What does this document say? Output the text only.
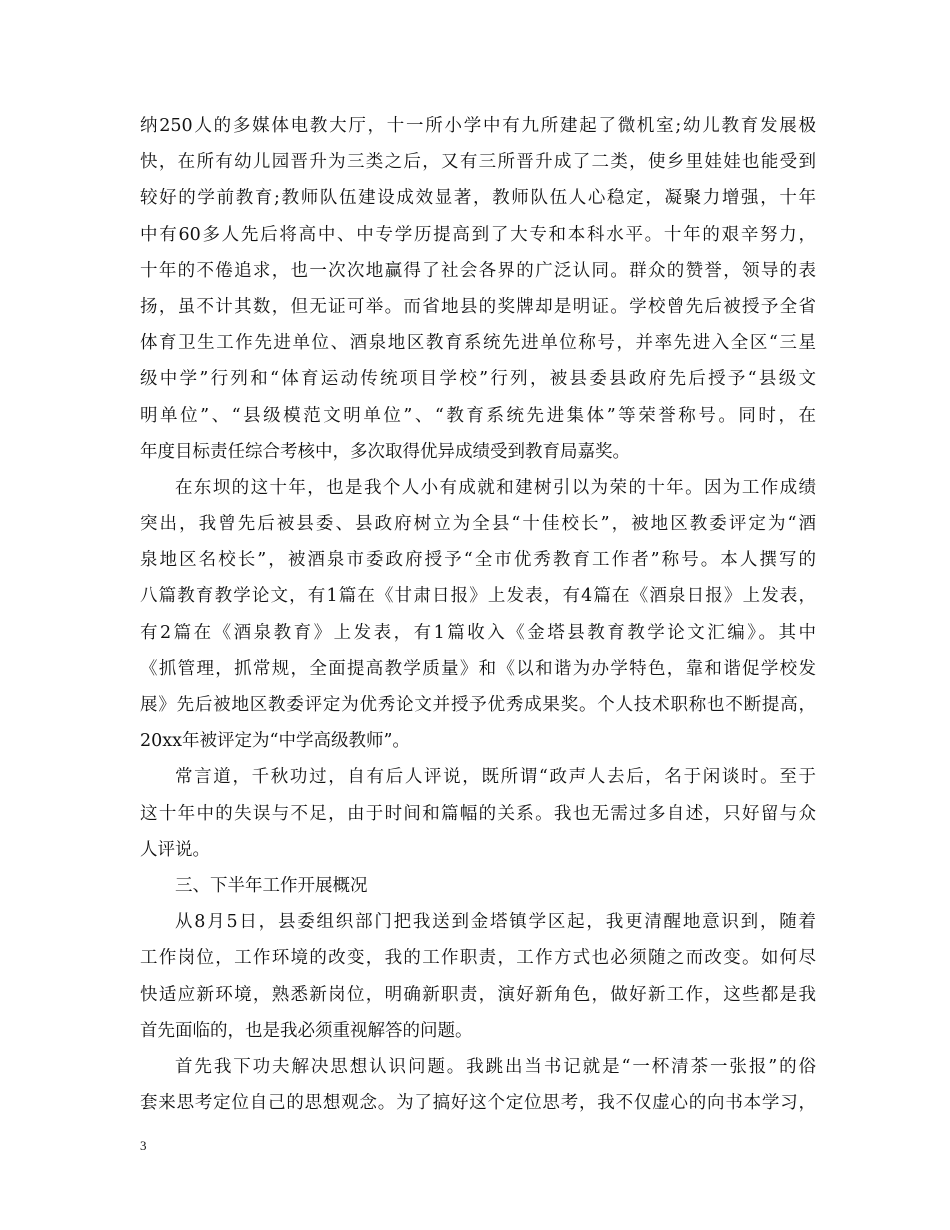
纳250人的多媒体电教大厅，十一所小学中有九所建起了微机室;幼儿教育发展极
快，在所有幼儿园晋升为三类之后，又有三所晋升成了二类，使乡里娃娃也能受到
较好的学前教育;教师队伍建设成效显著，教师队伍人心稳定，凝聚力增强，十年
中有60多人先后将高中、中专学历提高到了大专和本科水平。十年的艰辛努力，
十年的不倦追求，也一次次地赢得了社会各界的广泛认同。群众的赞誉，领导的表
扬，虽不计其数，但无证可举。而省地县的奖牌却是明证。学校曾先后被授予全省
体育卫生工作先进单位、酒泉地区教育系统先进单位称号，并率先进入全区“三星
级中学”行列和“体育运动传统项目学校”行列，被县委县政府先后授予“县级文
明单位”、“县级模范文明单位”、“教育系统先进集体”等荣誉称号。同时，在
年度目标责任综合考核中，多次取得优异成绩受到教育局嘉奖。
在东坝的这十年，也是我个人小有成就和建树引以为荣的十年。因为工作成绩
突出，我曾先后被县委、县政府树立为全县“十佳校长”，被地区教委评定为“酒
泉地区名校长”，被酒泉市委政府授予“全市优秀教育工作者”称号。本人撰写的
八篇教育教学论文，有1篇在《甘肃日报》上发表，有4篇在《酒泉日报》上发表，
有2篇在《酒泉教育》上发表，有1篇收入《金塔县教育教学论文汇编》。其中
《抓管理，抓常规，全面提高教学质量》和《以和谐为办学特色，靠和谐促学校发
展》先后被地区教委评定为优秀论文并授予优秀成果奖。个人技术职称也不断提高，
20xx年被评定为“中学高级教师”。
常言道，千秋功过，自有后人评说，既所谓“政声人去后，名于闲谈时。至于
这十年中的失误与不足，由于时间和篇幅的关系。我也无需过多自述，只好留与众
人评说。
三、下半年工作开展概况
从8月5日，县委组织部门把我送到金塔镇学区起，我更清醒地意识到，随着
工作岗位，工作环境的改变，我的工作职责，工作方式也必须随之而改变。如何尽
快适应新环境，熟悉新岗位，明确新职责，演好新角色，做好新工作，这些都是我
首先面临的，也是我必须重视解答的问题。
首先我下功夫解决思想认识问题。我跳出当书记就是“一杯清茶一张报”的俗
套来思考定位自己的思想观念。为了搞好这个定位思考，我不仅虚心的向书本学习，
3
